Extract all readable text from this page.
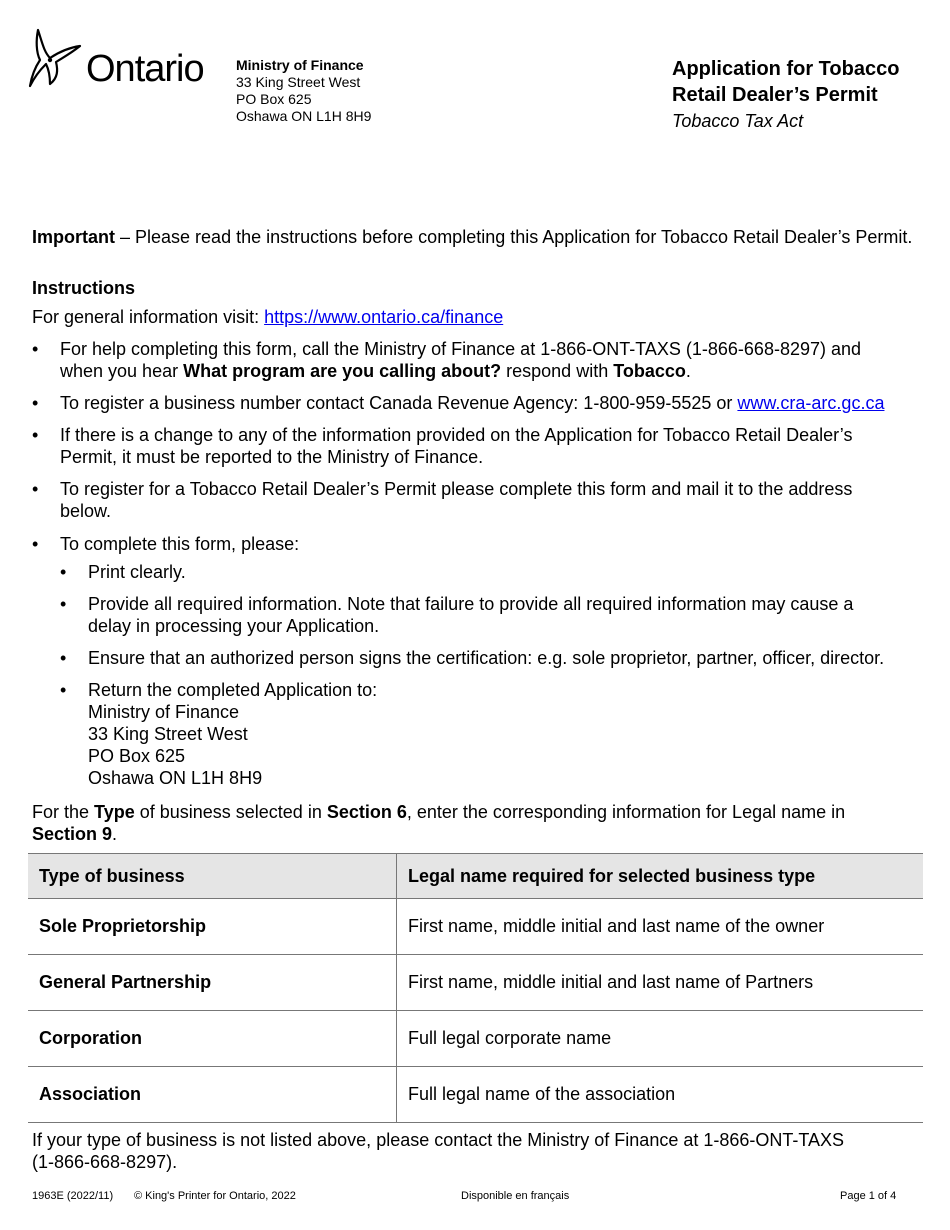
Ontario Ministry of Finance
33 King Street West
PO Box 625
Oshawa ON L1H 8H9
Application for Tobacco
Retail Dealer’s Permit
Tobacco Tax Act
Important – Please read the instructions before completing this Application for Tobacco Retail Dealer’s Permit.
Instructions
For general information visit: https://www.ontario.ca/finance
• For help completing this form, call the Ministry of Finance at 1-866-ONT-TAXS (1-866-668-8297) and
when you hear What program are you calling about? respond with Tobacco.
• To register a business number contact Canada Revenue Agency: 1-800-959-5525 or www.cra-arc.gc.ca
• If there is a change to any of the information provided on the Application for Tobacco Retail Dealer’s
Permit, it must be reported to the Ministry of Finance.
• To register for a Tobacco Retail Dealer’s Permit please complete this form and mail it to the address
below.
• To complete this form, please:
• Print clearly.
• Provide all required information. Note that failure to provide all required information may cause a
delay in processing your Application.
• Ensure that an authorized person signs the certification: e.g. sole proprietor, partner, officer, director.
• Return the completed Application to:
Ministry of Finance
33 King Street West
PO Box 625
Oshawa ON L1H 8H9
For the Type of business selected in Section 6, enter the corresponding information for Legal name in
Section 9.
Type of business	Legal name required for selected business type
Sole Proprietorship	First name, middle initial and last name of the owner
General Partnership	First name, middle initial and last name of Partners
Corporation	Full legal corporate name
Association	Full legal name of the association
If your type of business is not listed above, please contact the Ministry of Finance at 1-866-ONT-TAXS
(1-866-668-8297).
1963E (2022/11) © King's Printer for Ontario, 2022	Disponible en français	Page 1 of 4
